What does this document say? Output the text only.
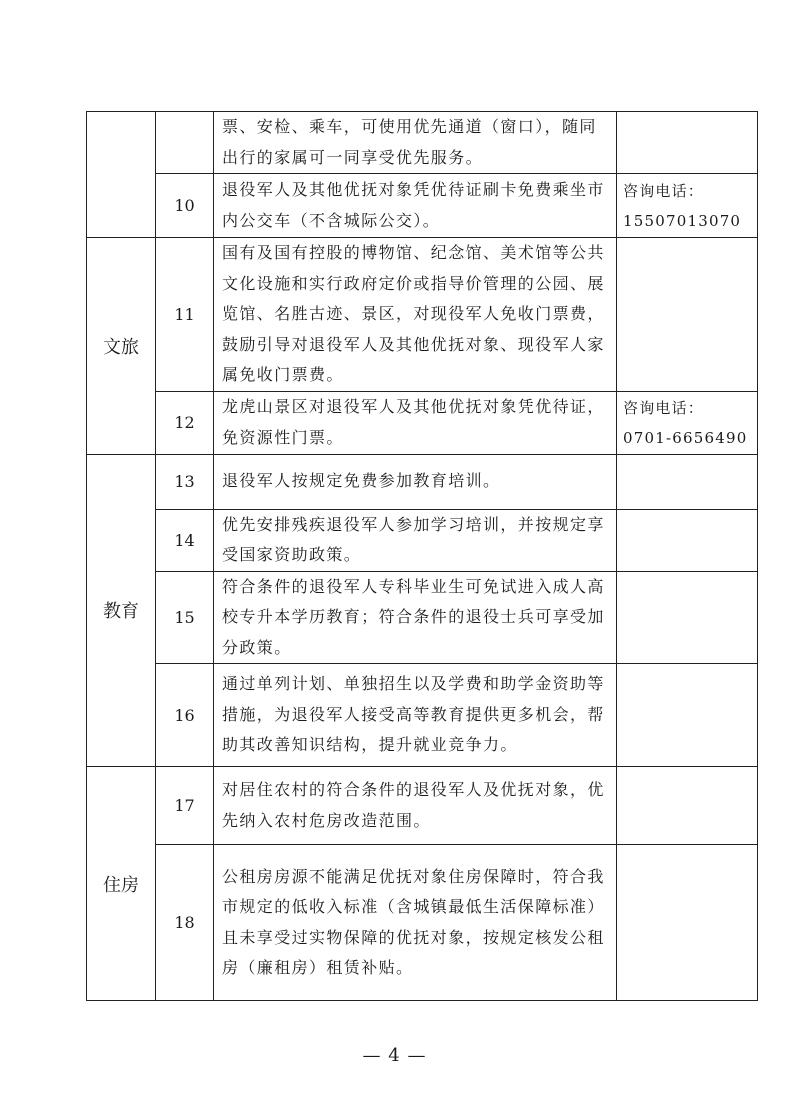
		票、安检、乘车，可使用优先通道（窗口），随同出行的家属可一同享受优先服务。	
	10	退役军人及其他优抚对象凭优待证刷卡免费乘坐市内公交车（不含城际公交）。	咨询电话：15507013070
文旅	11	国有及国有控股的博物馆、纪念馆、美术馆等公共文化设施和实行政府定价或指导价管理的公园、展览馆、名胜古迹、景区，对现役军人免收门票费，鼓励引导对退役军人及其他优抚对象、现役军人家属免收门票费。	
	12	龙虎山景区对退役军人及其他优抚对象凭优待证，免资源性门票。	咨询电话：0701-6656490
教育	13	退役军人按规定免费参加教育培训。	
	14	优先安排残疾退役军人参加学习培训，并按规定享受国家资助政策。	
	15	符合条件的退役军人专科毕业生可免试进入成人高校专升本学历教育；符合条件的退役士兵可享受加分政策。	
	16	通过单列计划、单独招生以及学费和助学金资助等措施，为退役军人接受高等教育提供更多机会，帮助其改善知识结构，提升就业竞争力。	
住房	17	对居住农村的符合条件的退役军人及优抚对象，优先纳入农村危房改造范围。	
	18	公租房房源不能满足优抚对象住房保障时，符合我市规定的低收入标准（含城镇最低生活保障标准）且未享受过实物保障的优抚对象，按规定核发公租房（廉租房）租赁补贴。	
— 4 —
